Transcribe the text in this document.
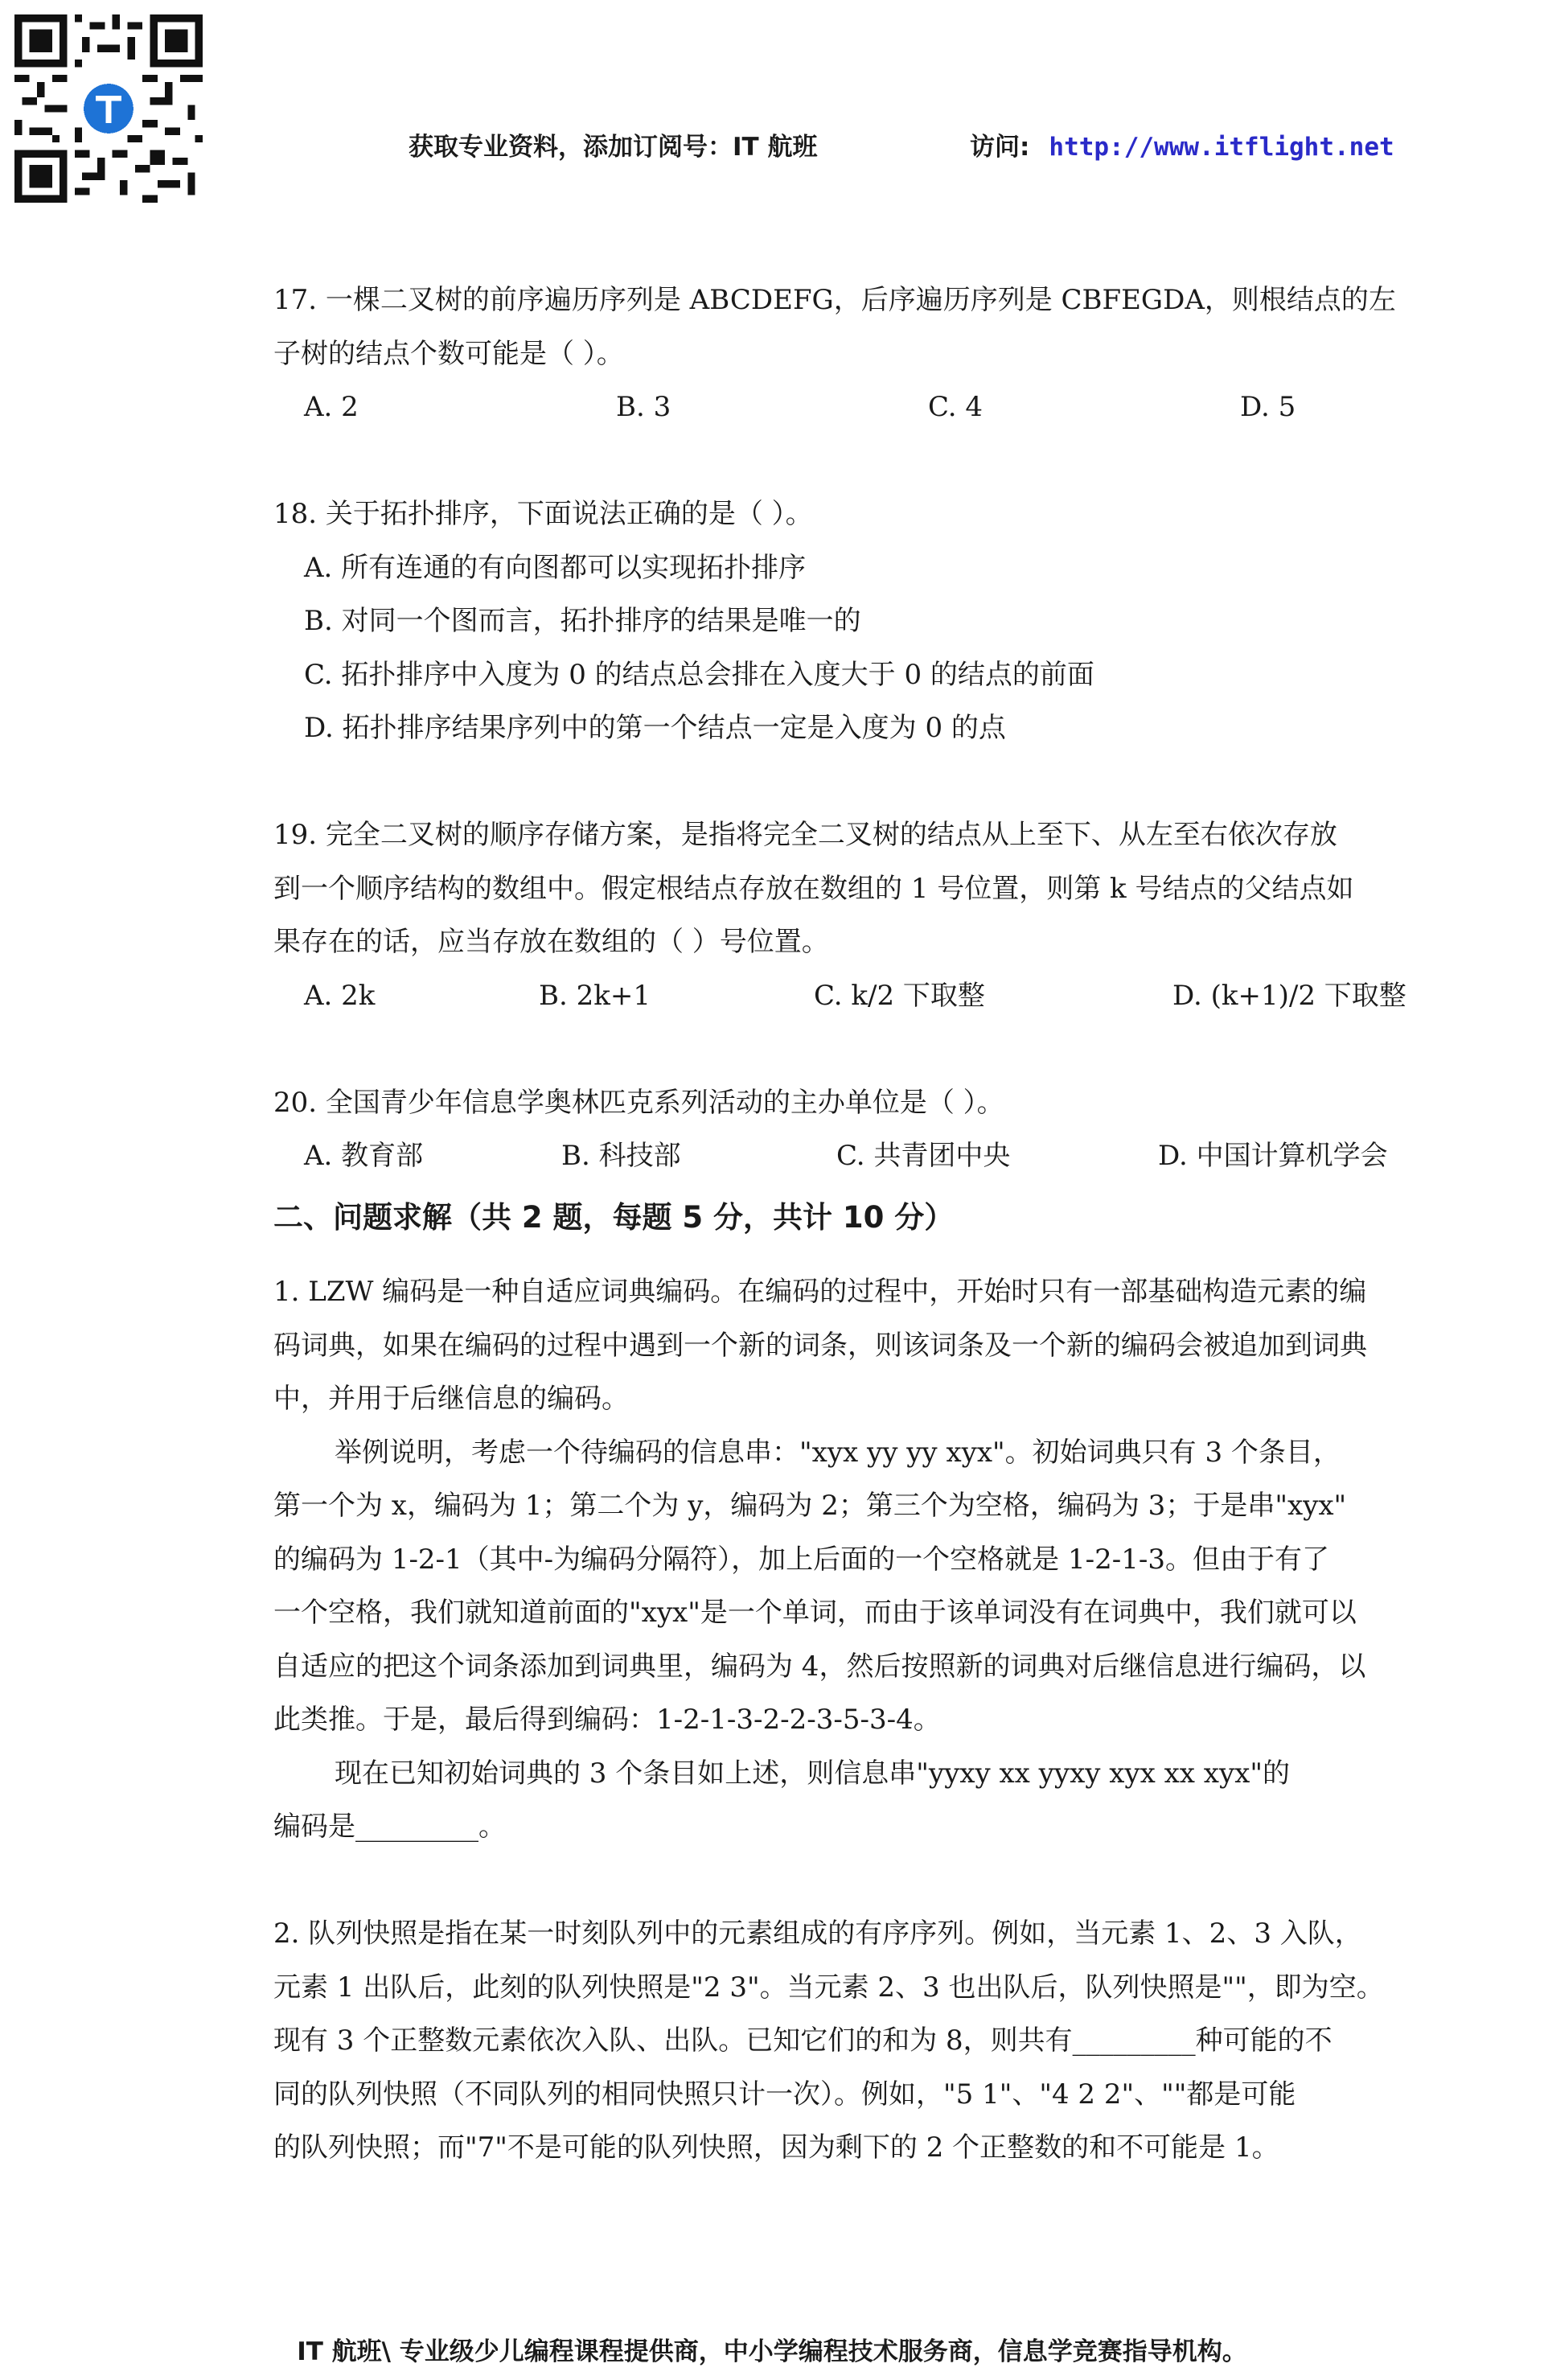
获取专业资料，添加订阅号：IT 航班	访问: http://www.itflight.net
17. 一棵二叉树的前序遍历序列是 ABCDEFG，后序遍历序列是 CBFEGDA，则根结点的左
子树的结点个数可能是（ ）。
A. 2	B. 3	C. 4	D. 5
18. 关于拓扑排序，下面说法正确的是（ ）。
A. 所有连通的有向图都可以实现拓扑排序
B. 对同一个图而言，拓扑排序的结果是唯一的
C. 拓扑排序中入度为 0 的结点总会排在入度大于 0 的结点的前面
D. 拓扑排序结果序列中的第一个结点一定是入度为 0 的点
19. 完全二叉树的顺序存储方案，是指将完全二叉树的结点从上至下、从左至右依次存放
到一个顺序结构的数组中。假定根结点存放在数组的 1 号位置，则第 k 号结点的父结点如
果存在的话，应当存放在数组的（ ）号位置。
A. 2k	B. 2k+1	C. k/2 下取整	D. (k+1)/2 下取整
20. 全国青少年信息学奥林匹克系列活动的主办单位是（ ）。
A. 教育部	B. 科技部	C. 共青团中央	D. 中国计算机学会
二、问题求解（共 2 题，每题 5 分，共计 10 分）
1. LZW 编码是一种自适应词典编码。在编码的过程中，开始时只有一部基础构造元素的编
码词典，如果在编码的过程中遇到一个新的词条，则该词条及一个新的编码会被追加到词典
中，并用于后继信息的编码。
举例说明，考虑一个待编码的信息串："xyx yy yy xyx"。初始词典只有 3 个条目，
第一个为 x，编码为 1；第二个为 y，编码为 2；第三个为空格，编码为 3；于是串"xyx"
的编码为 1-2-1（其中-为编码分隔符），加上后面的一个空格就是 1-2-1-3。但由于有了
一个空格，我们就知道前面的"xyx"是一个单词，而由于该单词没有在词典中，我们就可以
自适应的把这个词条添加到词典里，编码为 4，然后按照新的词典对后继信息进行编码，以
此类推。于是，最后得到编码：1-2-1-3-2-2-3-5-3-4。
现在已知初始词典的 3 个条目如上述，则信息串"yyxy xx yyxy xyx xx xyx"的
编码是_________。
2. 队列快照是指在某一时刻队列中的元素组成的有序序列。例如，当元素 1、2、3 入队，
元素 1 出队后，此刻的队列快照是"2 3"。当元素 2、3 也出队后，队列快照是""，即为空。
现有 3 个正整数元素依次入队、出队。已知它们的和为 8，则共有_________种可能的不
同的队列快照（不同队列的相同快照只计一次）。例如，"5 1"、"4 2 2"、""都是可能
的队列快照；而"7"不是可能的队列快照，因为剩下的 2 个正整数的和不可能是 1。
IT 航班\ 专业级少儿编程课程提供商，中小学编程技术服务商，信息学竞赛指导机构。
